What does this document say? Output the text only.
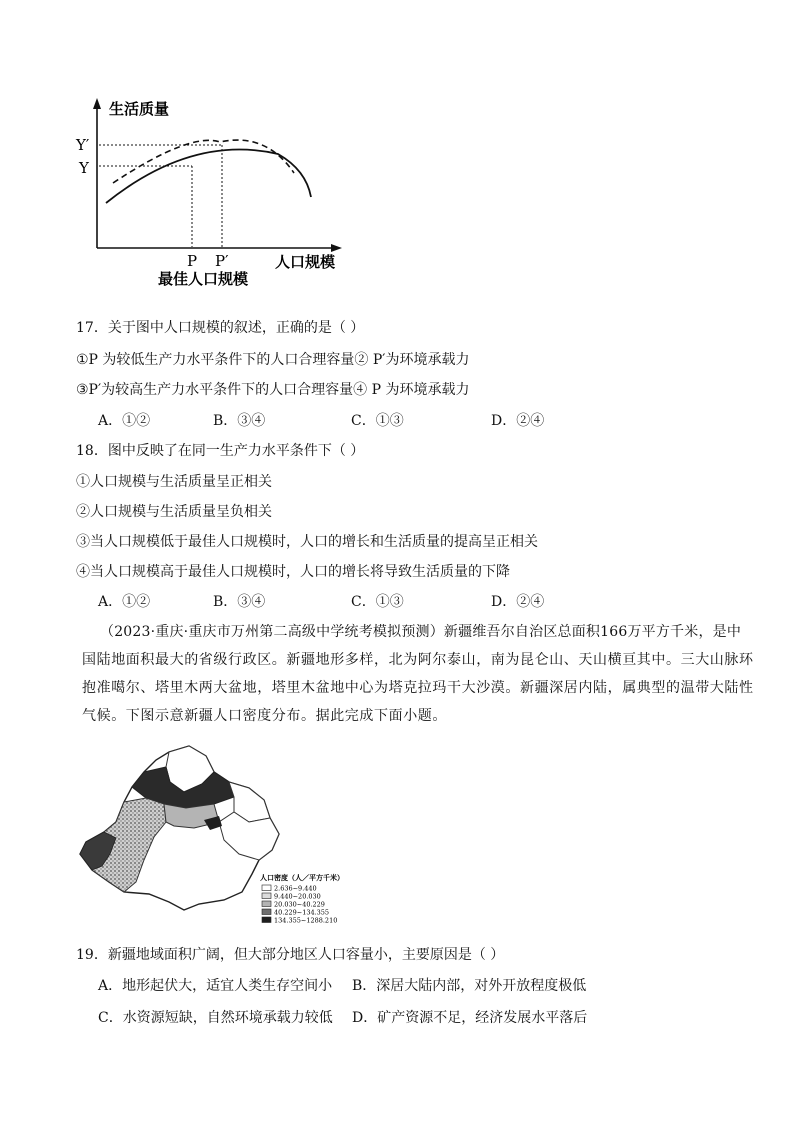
生活质量
Y′
Y
P P′	人口规模
最佳人口规模
17．关于图中人口规模的叙述，正确的是（ ）
①P 为较低生产力水平条件下的人口合理容量② P′为环境承载力
③P′为较高生产力水平条件下的人口合理容量④ P 为环境承载力
A．①②	B．③④	C．①③	D．②④
18．图中反映了在同一生产力水平条件下（ ）
①人口规模与生活质量呈正相关
②人口规模与生活质量呈负相关
③当人口规模低于最佳人口规模时，人口的增长和生活质量的提高呈正相关
④当人口规模高于最佳人口规模时，人口的增长将导致生活质量的下降
A．①②	B．③④	C．①③	D．②④
（2023·重庆·重庆市万州第二高级中学统考模拟预测）新疆维吾尔自治区总面积166万平方千米，是中
国陆地面积最大的省级行政区。新疆地形多样，北为阿尔泰山，南为昆仑山、天山横亘其中。三大山脉环
抱准噶尔、塔里木两大盆地，塔里木盆地中心为塔克拉玛干大沙漠。新疆深居内陆，属典型的温带大陆性
气候。下图示意新疆人口密度分布。据此完成下面小题。
人口密度（人／平方千米）
2.636~9.440
9.440~20.030
20.030~40.229
40.229~134.355
134.355~1288.210
19．新疆地域面积广阔，但大部分地区人口容量小，主要原因是（ ）
A．地形起伏大，适宜人类生存空间小 B．深居大陆内部，对外开放程度极低
C．水资源短缺，自然环境承载力较低 D．矿产资源不足，经济发展水平落后
